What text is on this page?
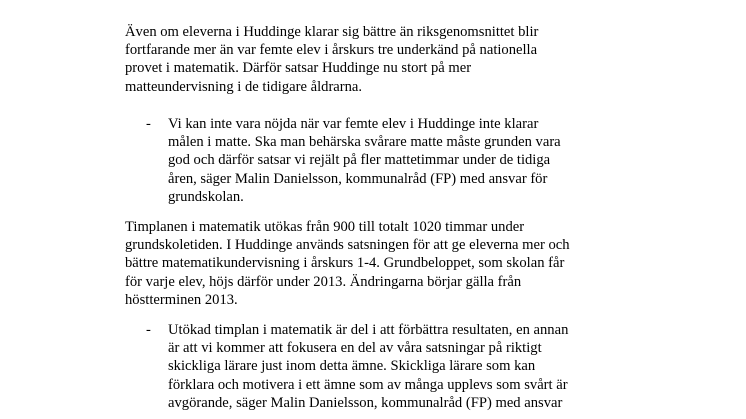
Även om eleverna i Huddinge klarar sig bättre än riksgenomsnittet blir
fortfarande mer än var femte elev i årskurs tre underkänd på nationella
provet i matematik. Därför satsar Huddinge nu stort på mer
matteundervisning i de tidigare åldrarna.

-	Vi kan inte vara nöjda när var femte elev i Huddinge inte klarar
målen i matte. Ska man behärska svårare matte måste grunden vara
god och därför satsar vi rejält på fler mattetimmar under de tidiga
åren, säger Malin Danielsson, kommunalråd (FP) med ansvar för
grundskolan.

Timplanen i matematik utökas från 900 till totalt 1020 timmar under
grundskoletiden. I Huddinge används satsningen för att ge eleverna mer och
bättre matematikundervisning i årskurs 1-4. Grundbeloppet, som skolan får
för varje elev, höjs därför under 2013. Ändringarna börjar gälla från
höstterminen 2013.

-	Utökad timplan i matematik är del i att förbättra resultaten, en annan
är att vi kommer att fokusera en del av våra satsningar på riktigt
skickliga lärare just inom detta ämne. Skickliga lärare som kan
förklara och motivera i ett ämne som av många upplevs som svårt är
avgörande, säger Malin Danielsson, kommunalråd (FP) med ansvar
